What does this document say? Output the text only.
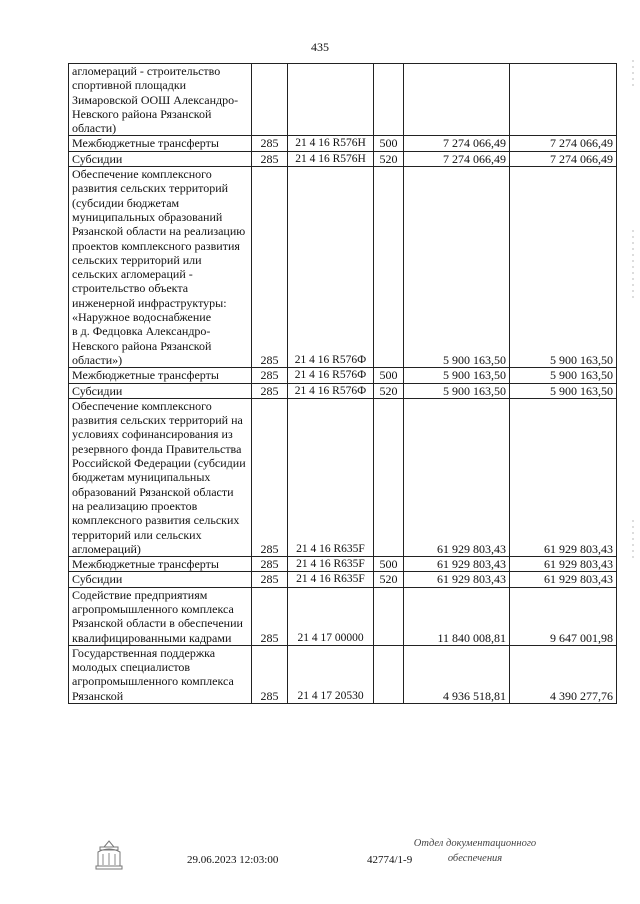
435
агломераций - строительство спортивной площадки Зимаровской ООШ Александро-Невского района Рязанской области)					
Межбюджетные трансферты	285	21 4 16 R576Н	500	7 274 066,49	7 274 066,49
Субсидии	285	21 4 16 R576Н	520	7 274 066,49	7 274 066,49
Обеспечение комплексного развития сельских территорий (субсидии бюджетам муниципальных образований Рязанской области на реализацию проектов комплексного развития сельских территорий или сельских агломераций - строительство объекта инженерной инфраструктуры: «Наружное водоснабжение
в д. Федцовка Александро-Невского района Рязанской области»)	285	21 4 16 R576Ф		5 900 163,50	5 900 163,50
Межбюджетные трансферты	285	21 4 16 R576Ф	500	5 900 163,50	5 900 163,50
Субсидии	285	21 4 16 R576Ф	520	5 900 163,50	5 900 163,50
Обеспечение комплексного развития сельских территорий на условиях софинансирования из резервного фонда Правительства Российской Федерации (субсидии бюджетам муниципальных образований Рязанской области на реализацию проектов комплексного развития сельских территорий или сельских агломераций)	285	21 4 16 R635F		61 929 803,43	61 929 803,43
Межбюджетные трансферты	285	21 4 16 R635F	500	61 929 803,43	61 929 803,43
Субсидии	285	21 4 16 R635F	520	61 929 803,43	61 929 803,43
Содействие предприятиям агропромышленного комплекса Рязанской области в обеспечении квалифицированными кадрами	285	21 4 17 00000		11 840 008,81	9 647 001,98
Государственная поддержка молодых специалистов агропромышленного комплекса Рязанской	285	21 4 17 20530		4 936 518,81	4 390 277,76
29.06.2023 12:03:00	42774/1-9
Отдел документационного
обеспечения
